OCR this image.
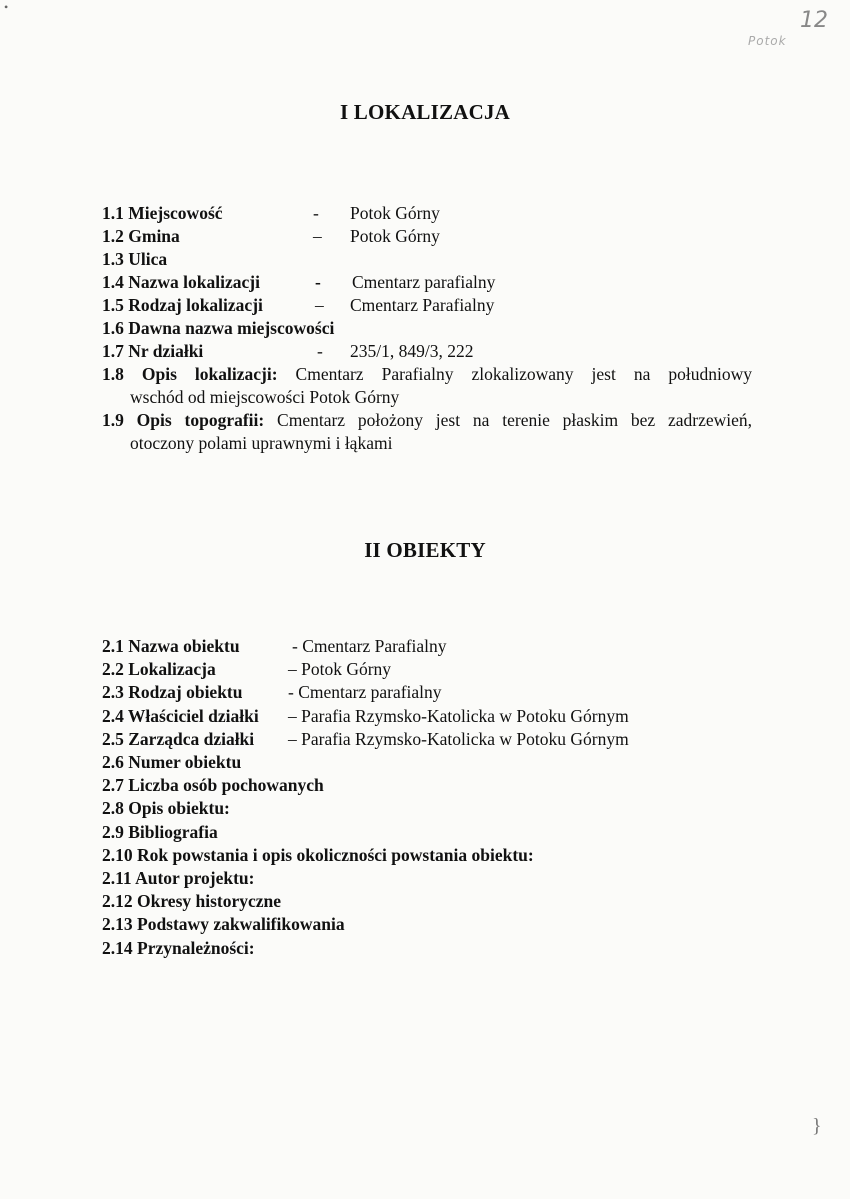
12
Potok
•
}
I LOKALIZACJA
1.1 Miejscowość	- Potok Górny
1.2 Gmina	– Potok Górny
1.3 Ulica
1.4 Nazwa lokalizacji	- Cmentarz parafialny
1.5 Rodzaj lokalizacji	– Cmentarz Parafialny
1.6 Dawna nazwa miejscowości
1.7 Nr działki	- 235/1, 849/3, 222
1.8 Opis lokalizacji: Cmentarz Parafialny zlokalizowany jest na południowy
wschód od miejscowości Potok Górny
1.9 Opis topografii: Cmentarz położony jest na terenie płaskim bez zadrzewień,
otoczony polami uprawnymi i łąkami
II OBIEKTY
2.1 Nazwa obiektu	- Cmentarz Parafialny
2.2 Lokalizacja	– Potok Górny
2.3 Rodzaj obiektu	- Cmentarz parafialny
2.4 Właściciel działki – Parafia Rzymsko-Katolicka w Potoku Górnym
2.5 Zarządca działki – Parafia Rzymsko-Katolicka w Potoku Górnym
2.6 Numer obiektu
2.7 Liczba osób pochowanych
2.8 Opis obiektu:
2.9 Bibliografia
2.10 Rok powstania i opis okoliczności powstania obiektu:
2.11 Autor projektu:
2.12 Okresy historyczne
2.13 Podstawy zakwalifikowania
2.14 Przynależności:
